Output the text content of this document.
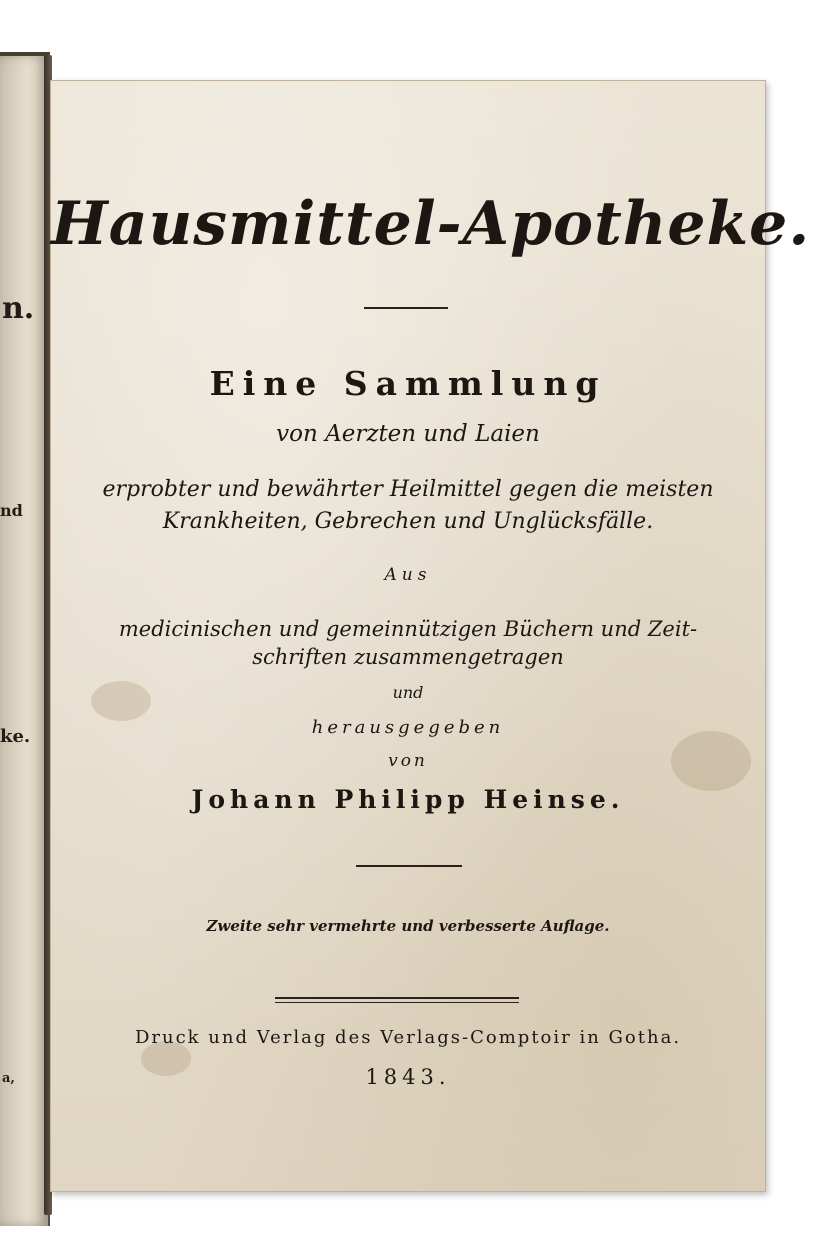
n.
nd
ke.
a,
Hausmittel-Apotheke.
Eine Sammlung
von Aerzten und Laien
erprobter und bewährter Heilmittel gegen die meisten
Krankheiten, Gebrechen und Unglücksfälle.
Aus
medicinischen und gemeinnützigen Büchern und Zeit-
schriften zusammengetragen
und
herausgegeben
von
Johann Philipp Heinse.
Zweite sehr vermehrte und verbesserte Auflage.
Druck und Verlag des Verlags-Comptoir in Gotha.
1843.
